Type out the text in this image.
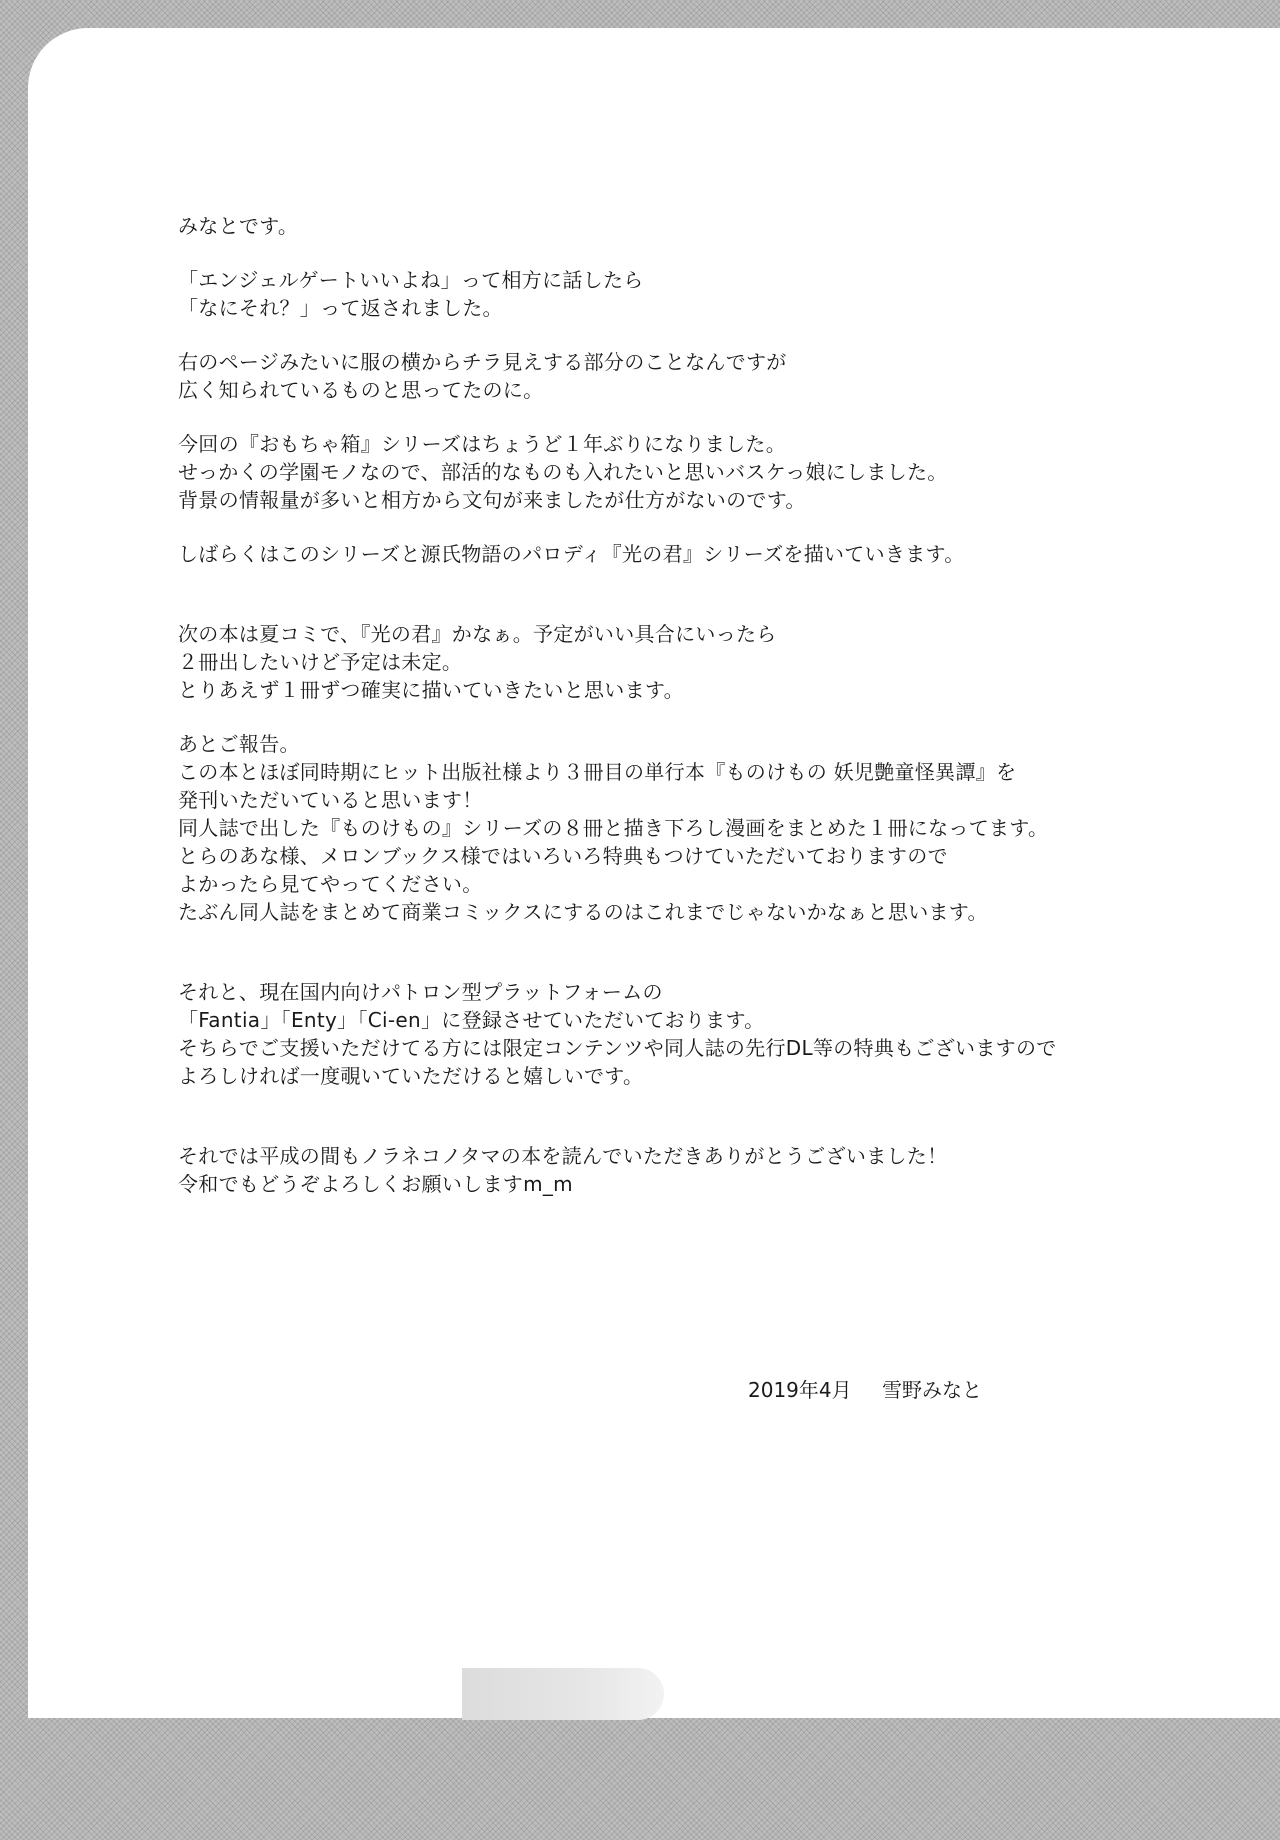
みなとです。
「エンジェルゲートいいよね」って相方に話したら
「なにそれ？」って返されました。
右のページみたいに服の横からチラ見えする部分のことなんですが
広く知られているものと思ってたのに。
今回の『おもちゃ箱』シリーズはちょうど１年ぶりになりました。
せっかくの学園モノなので、部活的なものも入れたいと思いバスケっ娘にしました。
背景の情報量が多いと相方から文句が来ましたが仕方がないのです。
しばらくはこのシリーズと源氏物語のパロディ『光の君』シリーズを描いていきます。
次の本は夏コミで、『光の君』かなぁ。予定がいい具合にいったら
２冊出したいけど予定は未定。
とりあえず１冊ずつ確実に描いていきたいと思います。
あとご報告。
この本とほぼ同時期にヒット出版社様より３冊目の単行本『ものけもの 妖児艶童怪異譚』を
発刊いただいていると思います！
同人誌で出した『ものけもの』シリーズの８冊と描き下ろし漫画をまとめた１冊になってます。
とらのあな様、メロンブックス様ではいろいろ特典もつけていただいておりますので
よかったら見てやってください。
たぶん同人誌をまとめて商業コミックスにするのはこれまでじゃないかなぁと思います。
それと、現在国内向けパトロン型プラットフォームの
「Fantia」「Enty」「Ci-en」に登録させていただいております。
そちらでご支援いただけてる方には限定コンテンツや同人誌の先行DL等の特典もございますので
よろしければ一度覗いていただけると嬉しいです。
それでは平成の間もノラネコノタマの本を読んでいただきありがとうございました！
令和でもどうぞよろしくお願いしますm_m
2019年4月 雪野みなと
